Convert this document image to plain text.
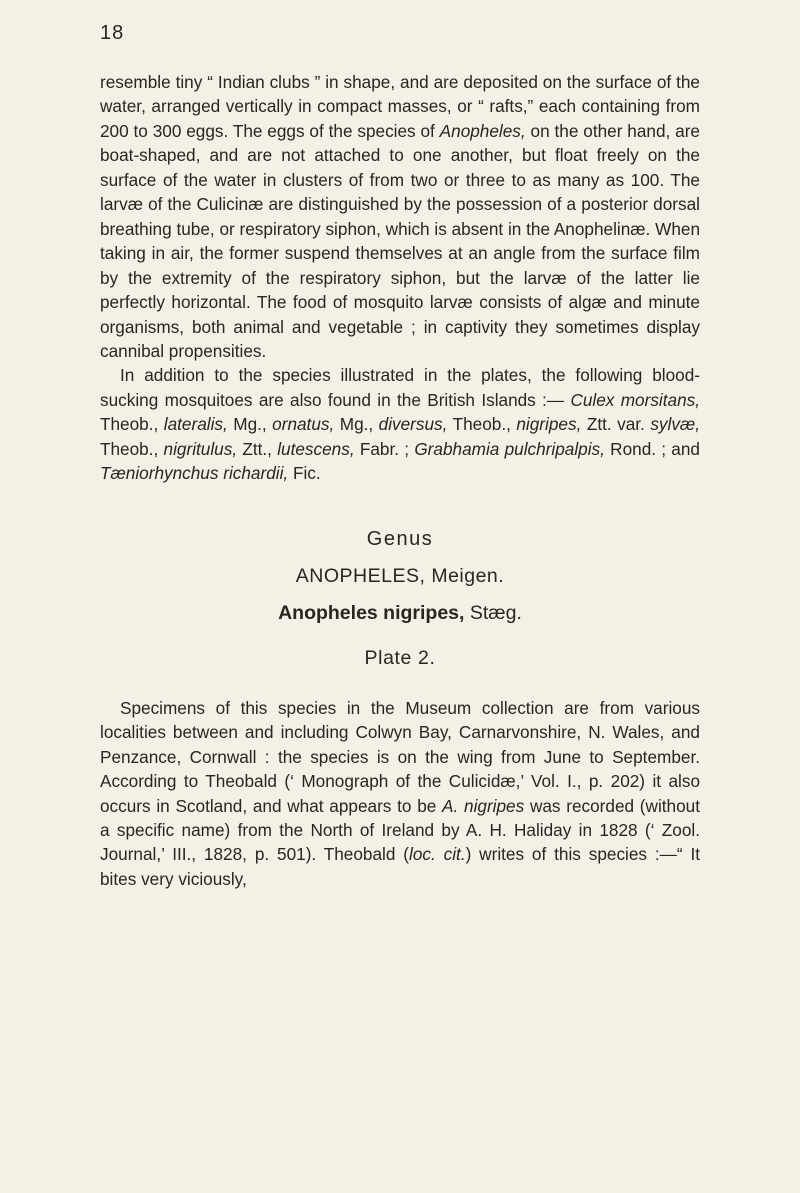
18

resemble tiny “ Indian clubs ” in shape, and are deposited on the surface of the water, arranged vertically in compact masses, or “ rafts,” each containing from 200 to 300 eggs. The eggs of the species of Anopheles, on the other hand, are boat-shaped, and are not attached to one another, but float freely on the surface of the water in clusters of from two or three to as many as 100. The larvæ of the Culicinæ are distinguished by the possession of a posterior dorsal breathing tube, or respiratory siphon, which is absent in the Anophelinæ. When taking in air, the former suspend themselves at an angle from the surface film by the extremity of the respiratory siphon, but the larvæ of the latter lie perfectly horizontal. The food of mosquito larvæ consists of algæ and minute organisms, both animal and vegetable ; in captivity they sometimes display cannibal propensities.

In addition to the species illustrated in the plates, the following blood-sucking mosquitoes are also found in the British Islands :— Culex morsitans, Theob., lateralis, Mg., ornatus, Mg., diversus, Theob., nigripes, Ztt. var. sylvæ, Theob., nigritulus, Ztt., lutescens, Fabr. ; Grabhamia pulchripalpis, Rond. ; and Tæniorhynchus richardii, Fic.

Genus
ANOPHELES, Meigen.
Anopheles nigripes, Stæg.
Plate 2.

Specimens of this species in the Museum collection are from various localities between and including Colwyn Bay, Carnarvonshire, N. Wales, and Penzance, Cornwall : the species is on the wing from June to September. According to Theobald (‘ Monograph of the Culicidæ,’ Vol. I., p. 202) it also occurs in Scotland, and what appears to be A. nigripes was recorded (without a specific name) from the North of Ireland by A. H. Haliday in 1828 (‘ Zool. Journal,’ III., 1828, p. 501). Theobald (loc. cit.) writes of this species :—“ It bites very viciously,
